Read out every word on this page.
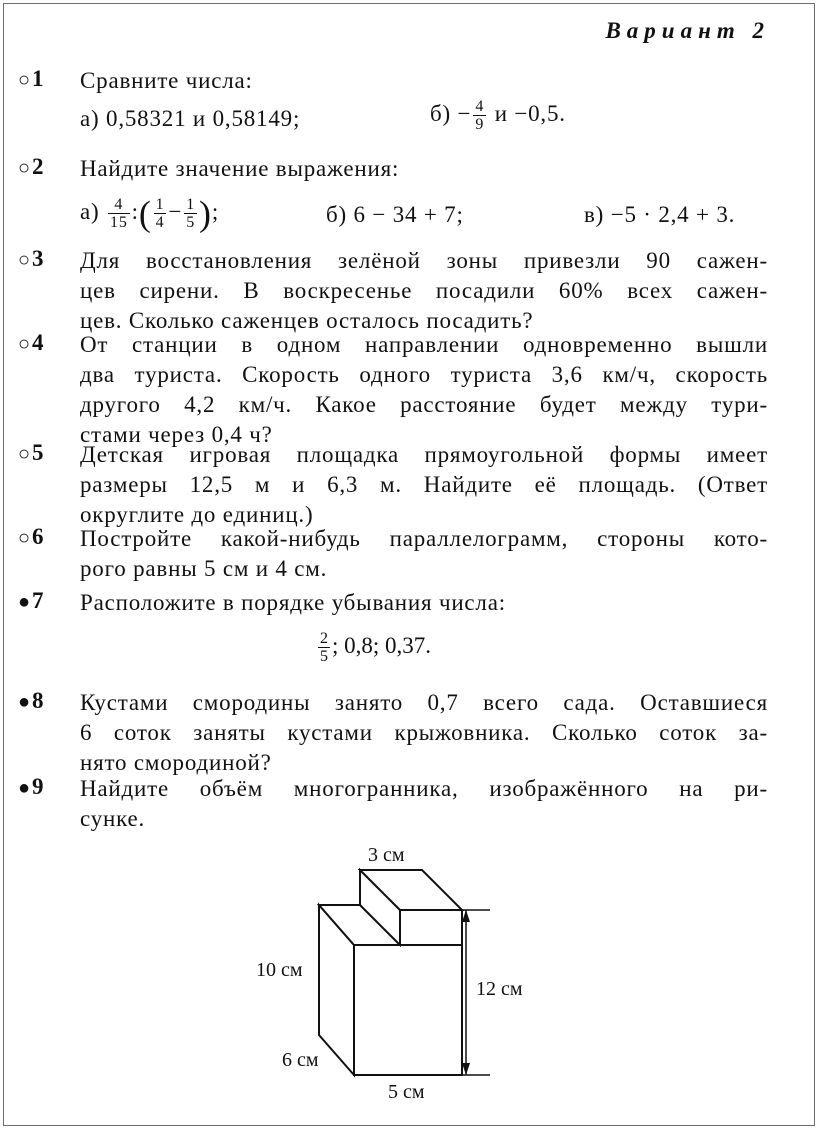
Вариант 2
○1	Сравните числа:
а) 0,58321 и 0,58149;	$б) - \frac{4}{9}$ и −0,5.
○2	Найдите значение выражения:
$а) \frac{4}{15}$ :( $\frac{1}{4} - \frac{1}{5}$ );	б) 6 − 34 + 7;	в) −5 · 2,4 + 3.
○3	Для восстановления зелёной зоны привезли 90 сажен-
цев сирени. В воскресенье посадили 60% всех сажен-
цев. Сколько саженцев осталось посадить?
○4	От станции в одном направлении одновременно вышли
два туриста. Скорость одного туриста 3,6 км/ч, скорость
другого 4,2 км/ч. Какое расстояние будет между тури-
стами через 0,4 ч?
○5	Детская игровая площадка прямоугольной формы имеет
размеры 12,5 м и 6,3 м. Найдите её площадь. (Ответ
округлите до единиц.)
○6	Постройте какой-нибудь параллелограмм, стороны кото-
рого равны 5 см и 4 см.
●7	Расположите в порядке убывания числа:
$\frac{2}{5}$ ; 0,8; 0,37.
●8	Кустами смородины занято 0,7 всего сада. Оставшиеся
6 соток заняты кустами крыжовника. Сколько соток за-
нято смородиной?
●9	Найдите объём многогранника, изображённого на ри-
сунке.
3 см
10 см
6 см
5 см
12 см
